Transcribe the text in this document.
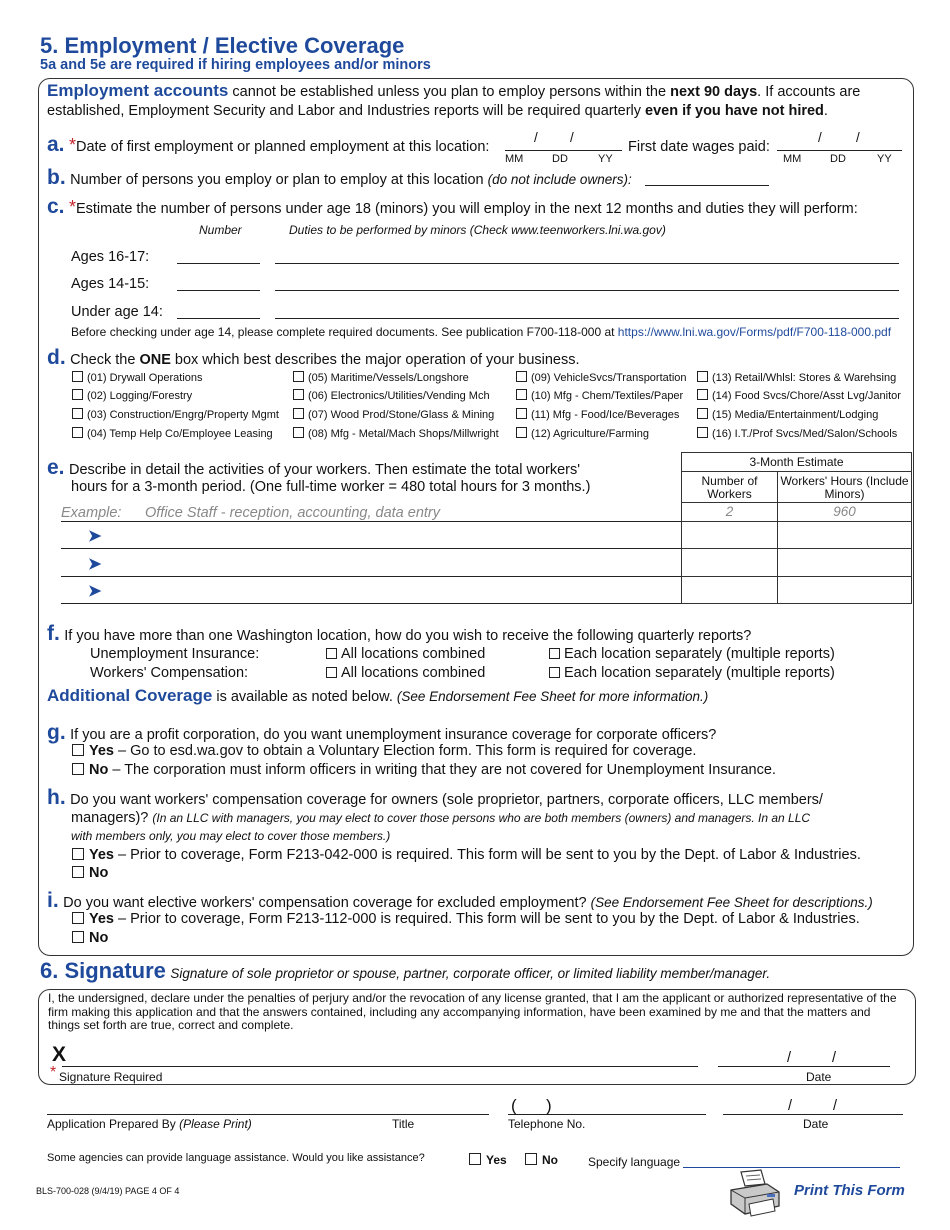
5. Employment / Elective Coverage
5a and 5e are required if hiring employees and/or minors
Employment accounts cannot be established unless you plan to employ persons within the next 90 days. If accounts are established, Employment Security and Labor and Industries reports will be required quarterly even if you have not hired.
a. *Date of first employment or planned employment at this location:
/ /
MM	DD	YY
First date wages paid:
/	/
MM	DD	YY
b. Number of persons you employ or plan to employ at this location (do not include owners):
c. *Estimate the number of persons under age 18 (minors) you will employ in the next 12 months and duties they will perform:
Number	Duties to be performed by minors (Check www.teenworkers.lni.wa.gov)
Ages 16-17:
Ages 14-15:
Under age 14:
Before checking under age 14, please complete required documents. See publication F700-118-000 at https://www.lni.wa.gov/Forms/pdf/F700-118-000.pdf
d. Check the ONE box which best describes the major operation of your business.
(01) Drywall Operations	(05) Maritime/Vessels/Longshore	(09) VehicleSvcs/Transportation	(13) Retail/Whlsl: Stores & Warehsing
(02) Logging/Forestry	(06) Electronics/Utilities/Vending Mch	(10) Mfg - Chem/Textiles/Paper	(14) Food Svcs/Chore/Asst Lvg/Janitor
(03) Construction/Engrg/Property Mgmt	(07) Wood Prod/Stone/Glass & Mining	(11) Mfg - Food/Ice/Beverages	(15) Media/Entertainment/Lodging
(04) Temp Help Co/Employee Leasing	(08) Mfg - Metal/Mach Shops/Millwright	(12) Agriculture/Farming	(16) I.T./Prof Svcs/Med/Salon/Schools
e. Describe in detail the activities of your workers. Then estimate the total workers'
hours for a 3-month period. (One full-time worker = 480 total hours for 3 months.)
3-Month Estimate
Number of Workers
Workers' Hours (Include Minors)
Example: Office Staff - reception, accounting, data entry	2	960
➤
➤
➤
f. If you have more than one Washington location, how do you wish to receive the following quarterly reports?
Unemployment Insurance:	All locations combined	Each location separately (multiple reports)
Workers' Compensation:	All locations combined	Each location separately (multiple reports)
Additional Coverage is available as noted below. (See Endorsement Fee Sheet for more information.)
g. If you are a profit corporation, do you want unemployment insurance coverage for corporate officers?
Yes – Go to esd.wa.gov to obtain a Voluntary Election form. This form is required for coverage.
No – The corporation must inform officers in writing that they are not covered for Unemployment Insurance.
h. Do you want workers' compensation coverage for owners (sole proprietor, partners, corporate officers, LLC members/
managers)? (In an LLC with managers, you may elect to cover those persons who are both members (owners) and managers. In an LLC
with members only, you may elect to cover those members.)
Yes – Prior to coverage, Form F213-042-000 is required. This form will be sent to you by the Dept. of Labor & Industries.
No
i. Do you want elective workers' compensation coverage for excluded employment? (See Endorsement Fee Sheet for descriptions.)
Yes – Prior to coverage, Form F213-112-000 is required. This form will be sent to you by the Dept. of Labor & Industries.
No
6. Signature Signature of sole proprietor or spouse, partner, corporate officer, or limited liability member/manager.
I, the undersigned, declare under the penalties of perjury and/or the revocation of any license granted, that I am the applicant or authorized representative of the firm making this application and that the answers contained, including any accompanying information, have been examined by me and that the matters and things set forth are true, correct and complete.
X
* Signature Required
/	/
Date
Application Prepared By (Please Print)	Title
( )
Telephone No.
/	/
Date
Some agencies can provide language assistance. Would you like assistance?	Yes	No	Specify language
BLS-700-028 (9/4/19) PAGE 4 OF 4	Print This Form
